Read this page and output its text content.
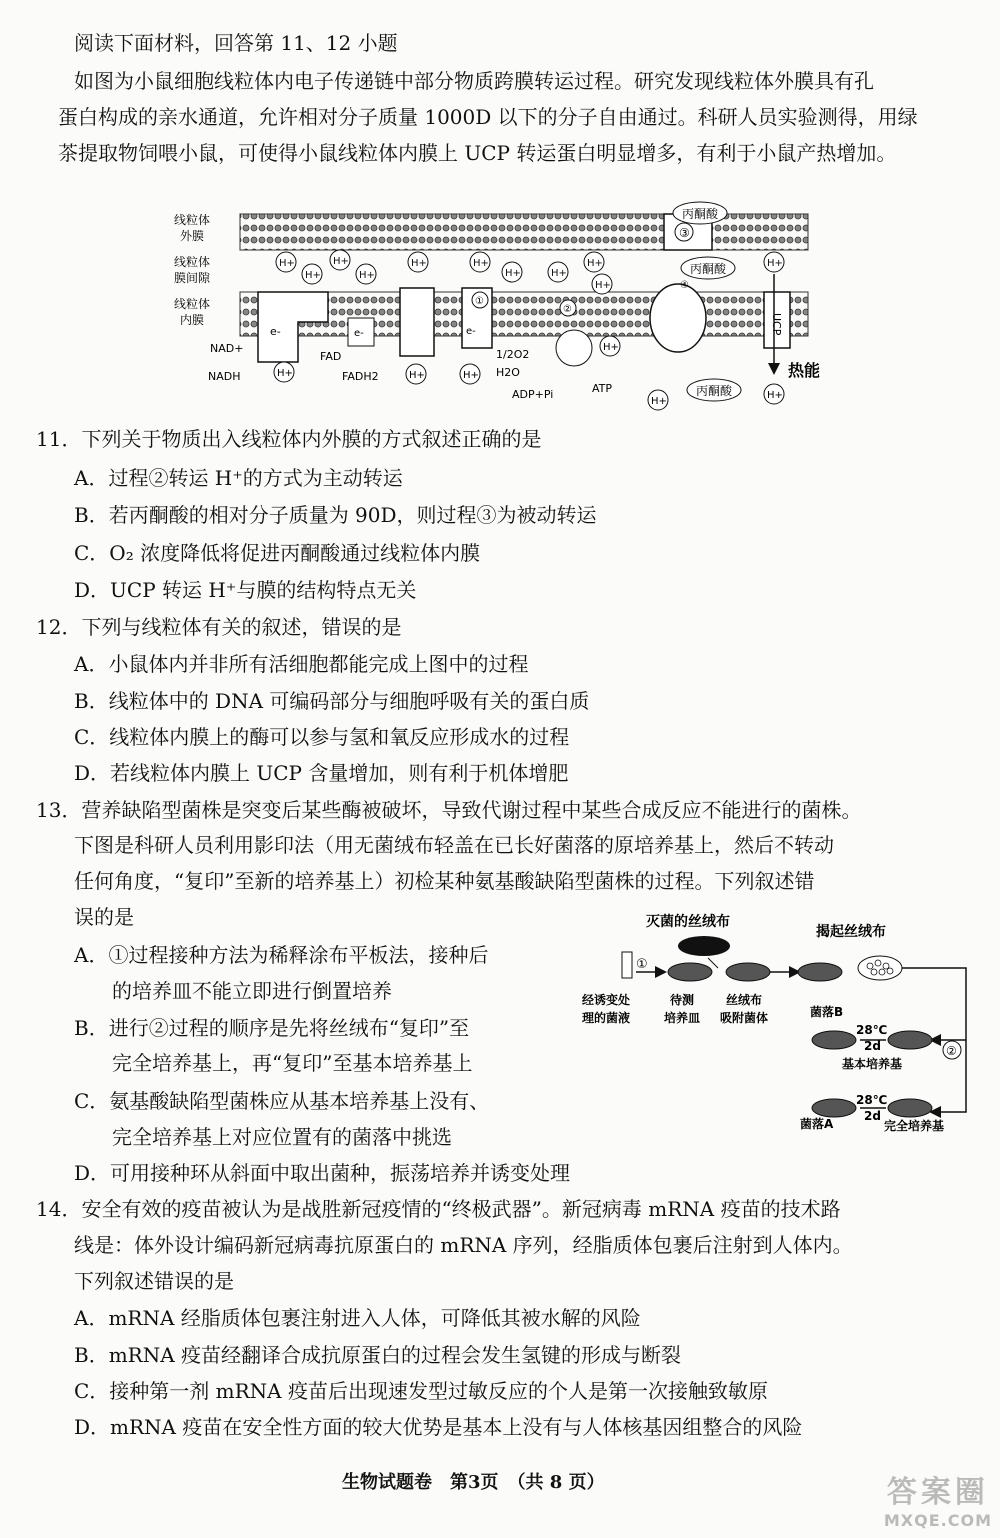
阅读下面材料，回答第 11、12 小题
如图为小鼠细胞线粒体内电子传递链中部分物质跨膜转运过程。研究发现线粒体外膜具有孔
蛋白构成的亲水通道，允许相对分子质量 1000D 以下的分子自由通过。科研人员实验测得，用绿
茶提取物饲喂小鼠，可使得小鼠线粒体内膜上 UCP 转运蛋白明显增多，有利于小鼠产热增加。
线粒体
外膜
线粒体
膜间隙
线粒体
内膜
③
丙酮酸
丙酮酸
H+
H+
H+
H+
H+	H+
H+	H+
H+
H+
H+
e-	e-
①
e-
②
④
UCP
NAD+
NADH
FAD
FADH2
1/2O2
H2O
ADP+Pi	ATP
H+	H+	H+
H+
H+
H+
丙酮酸
热能
11．下列关于物质出入线粒体内外膜的方式叙述正确的是
A．过程②转运 H⁺的方式为主动转运
B．若丙酮酸的相对分子质量为 90D，则过程③为被动转运
C．O₂ 浓度降低将促进丙酮酸通过线粒体内膜
D．UCP 转运 H⁺与膜的结构特点无关
12．下列与线粒体有关的叙述，错误的是
A．小鼠体内并非所有活细胞都能完成上图中的过程
B．线粒体中的 DNA 可编码部分与细胞呼吸有关的蛋白质
C．线粒体内膜上的酶可以参与氢和氧反应形成水的过程
D．若线粒体内膜上 UCP 含量增加，则有利于机体增肥
13．营养缺陷型菌株是突变后某些酶被破坏，导致代谢过程中某些合成反应不能进行的菌株。
下图是科研人员利用影印法（用无菌绒布轻盖在已长好菌落的原培养基上，然后不转动
任何角度，“复印”至新的培养基上）初检某种氨基酸缺陷型菌株的过程。下列叙述错
误的是
A．①过程接种方法为稀释涂布平板法，接种后
的培养皿不能立即进行倒置培养
B．进行②过程的顺序是先将丝绒布“复印”至
完全培养基上，再“复印”至基本培养基上
C．氨基酸缺陷型菌株应从基本培养基上没有、
完全培养基上对应位置有的菌落中挑选
D．可用接种环从斜面中取出菌种，振荡培养并诱变处理
灭菌的丝绒布
揭起丝绒布
①
②
经诱变处
理的菌液
待测
培养皿
丝绒布
吸附菌体	菌落B
菌落A
28℃
2d
基本培养基
28℃
2d
完全培养基
14．安全有效的疫苗被认为是战胜新冠疫情的“终极武器”。新冠病毒 mRNA 疫苗的技术路
线是：体外设计编码新冠病毒抗原蛋白的 mRNA 序列，经脂质体包裹后注射到人体内。
下列叙述错误的是
A．mRNA 经脂质体包裹注射进入人体，可降低其被水解的风险
B．mRNA 疫苗经翻译合成抗原蛋白的过程会发生氢键的形成与断裂
C．接种第一剂 mRNA 疫苗后出现速发型过敏反应的个人是第一次接触致敏原
D．mRNA 疫苗在安全性方面的较大优势是基本上没有与人体核基因组整合的风险
生物试题卷　第3页　（共 8 页）	答案圈
MXQE.COM
